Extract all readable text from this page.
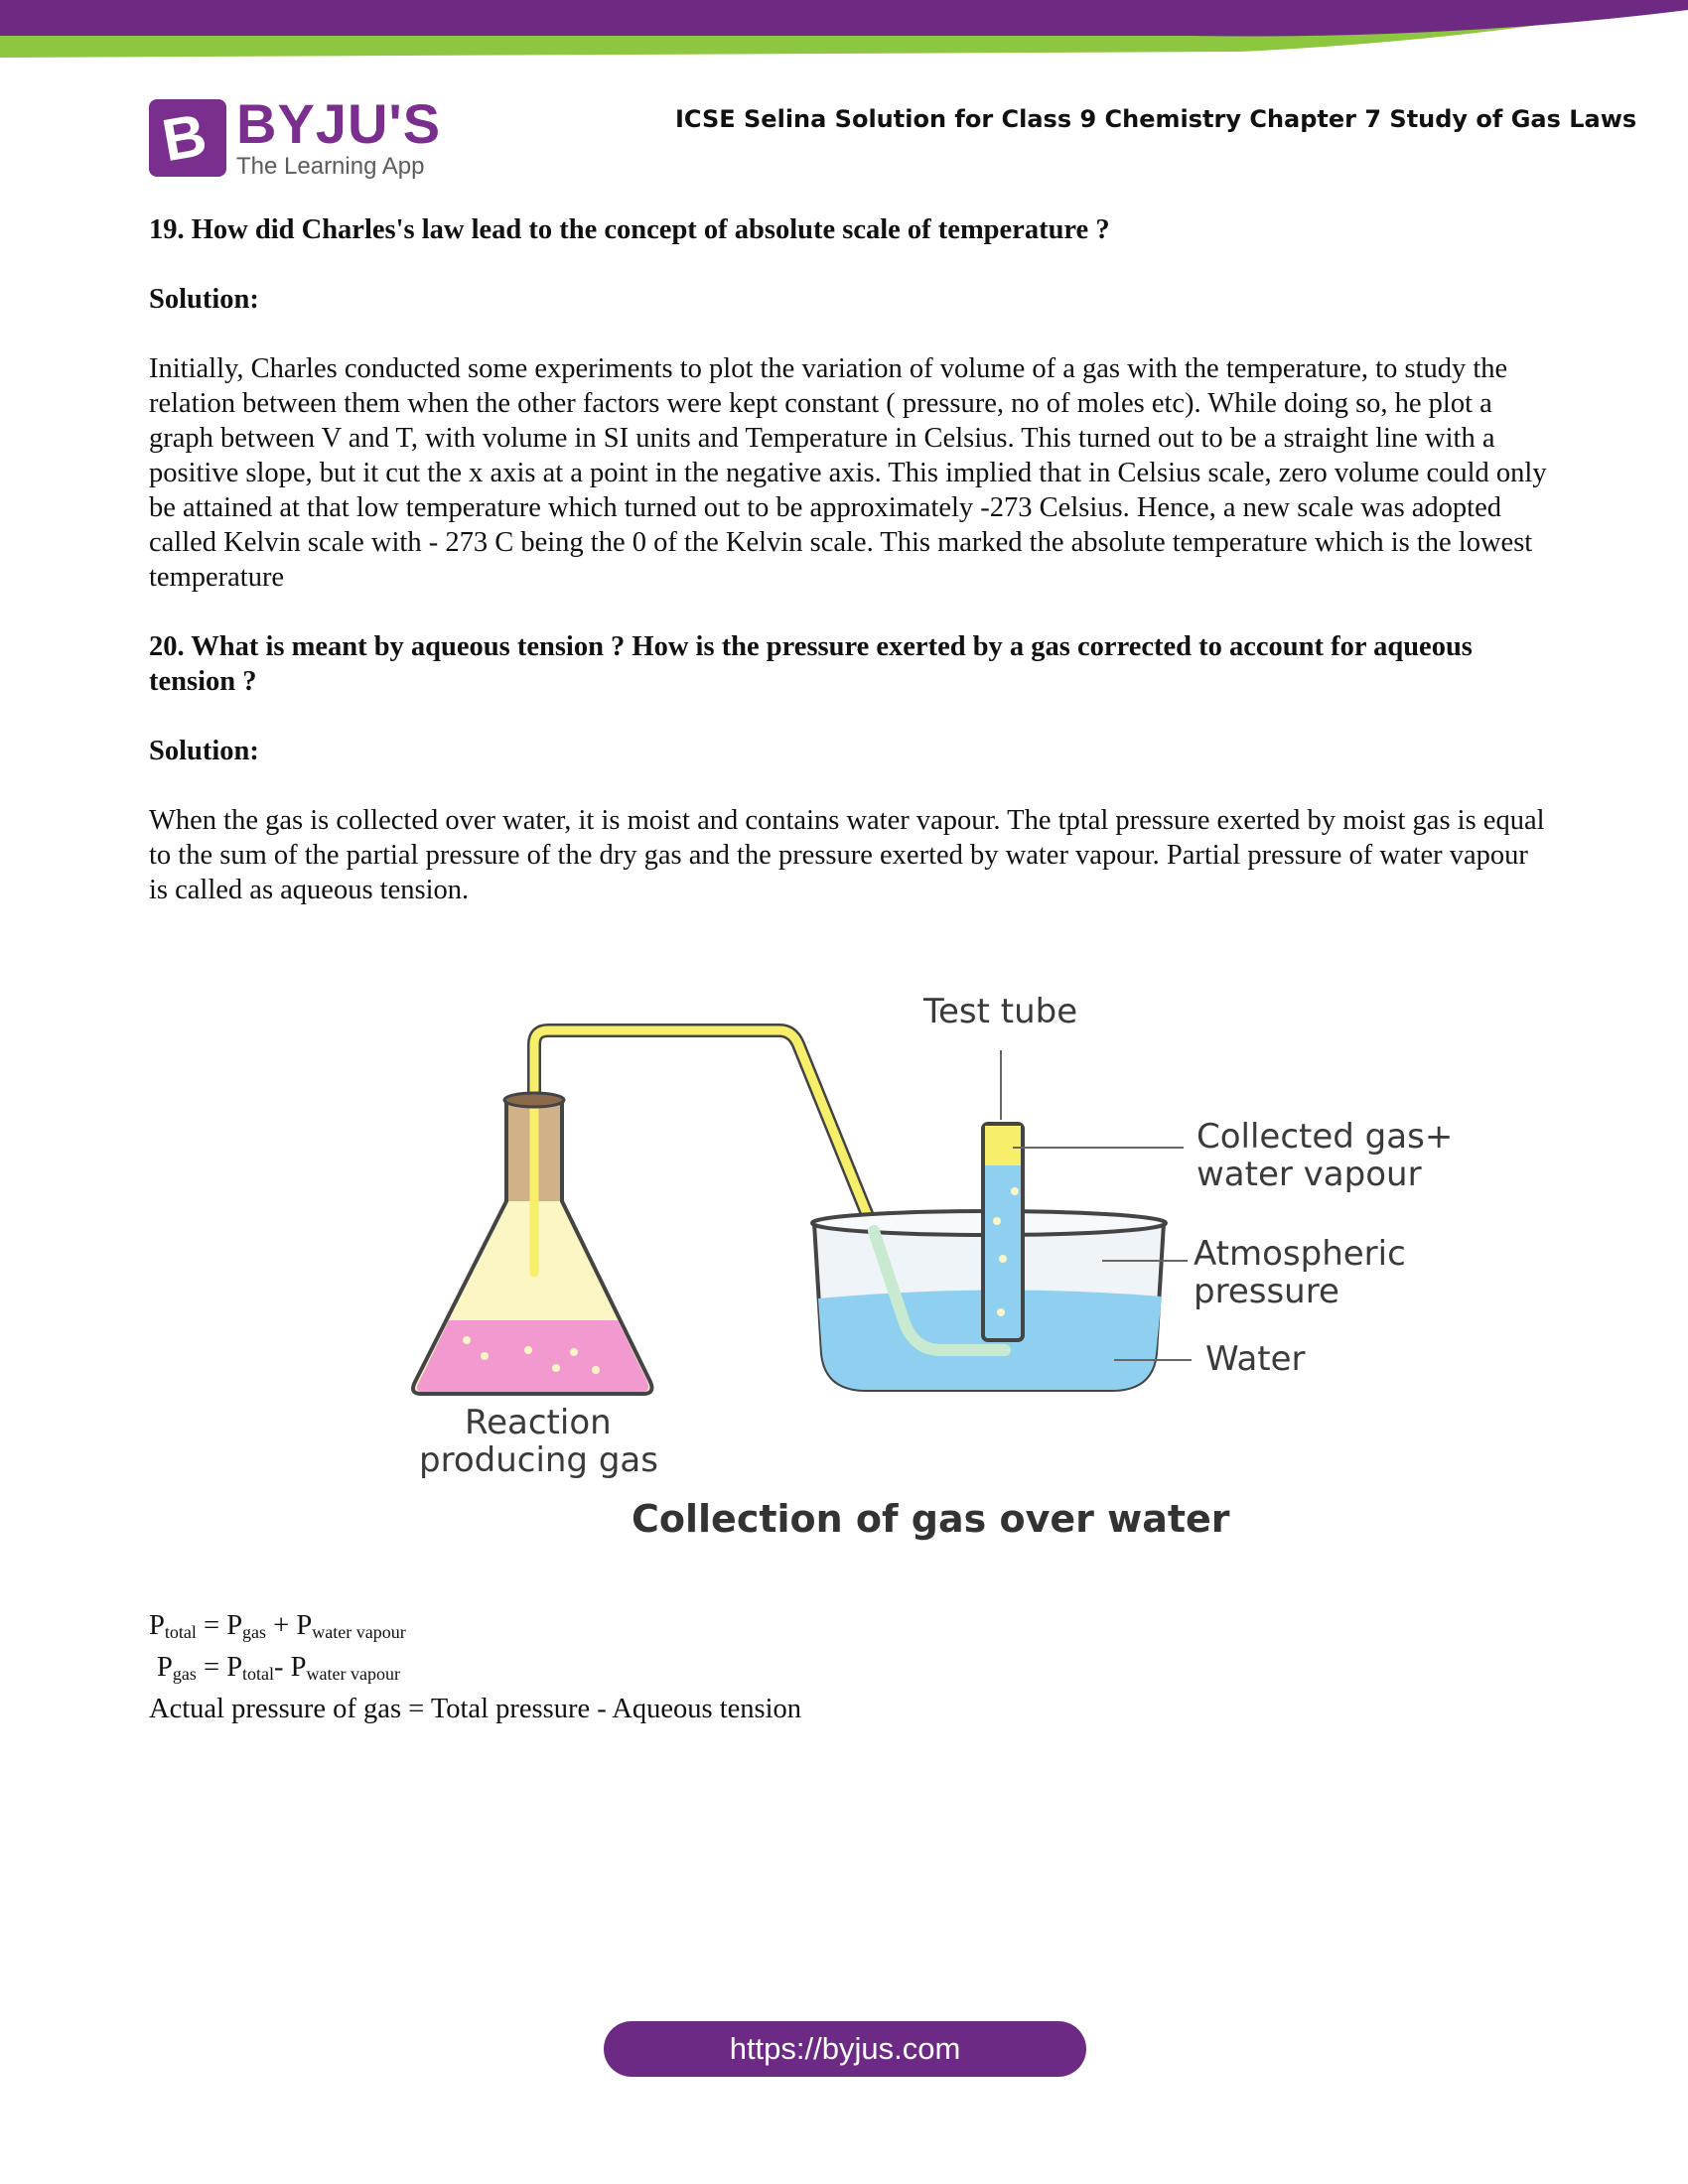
B BYJU'S
The Learning App
ICSE Selina Solution for Class 9 Chemistry Chapter 7 Study of Gas Laws

19. How did Charles's law lead to the concept of absolute scale of temperature ?

Solution:

Initially, Charles conducted some experiments to plot the variation of volume of a gas with the temperature, to study the relation between them when the other factors were kept constant ( pressure, no of moles etc). While doing so, he plot a graph between V and T, with volume in SI units and Temperature in Celsius. This turned out to be a straight line with a positive slope, but it cut the x axis at a point in the negative axis. This implied that in Celsius scale, zero volume could only be attained at that low temperature which turned out to be approximately -273 Celsius. Hence, a new scale was adopted called Kelvin scale with - 273 C being the 0 of the Kelvin scale. This marked the absolute temperature which is the lowest temperature

20. What is meant by aqueous tension ? How is the pressure exerted by a gas corrected to account for aqueous tension ?

Solution:

When the gas is collected over water, it is moist and contains water vapour. The tptal pressure exerted by moist gas is equal to the sum of the partial pressure of the dry gas and the pressure exerted by water vapour. Partial pressure of water vapour is called as aqueous tension.

Test tube
Collected gas+
water vapour
Atmospheric
pressure
Water
Reaction
producing gas
Collection of gas over water
$P_{total} = P_{gas} + P_{water vapour}$
$P_{gas} = P_{total}-$ $P_{water vapour}$
Actual pressure of gas = Total pressure - Aqueous tension
https://byjus.com
